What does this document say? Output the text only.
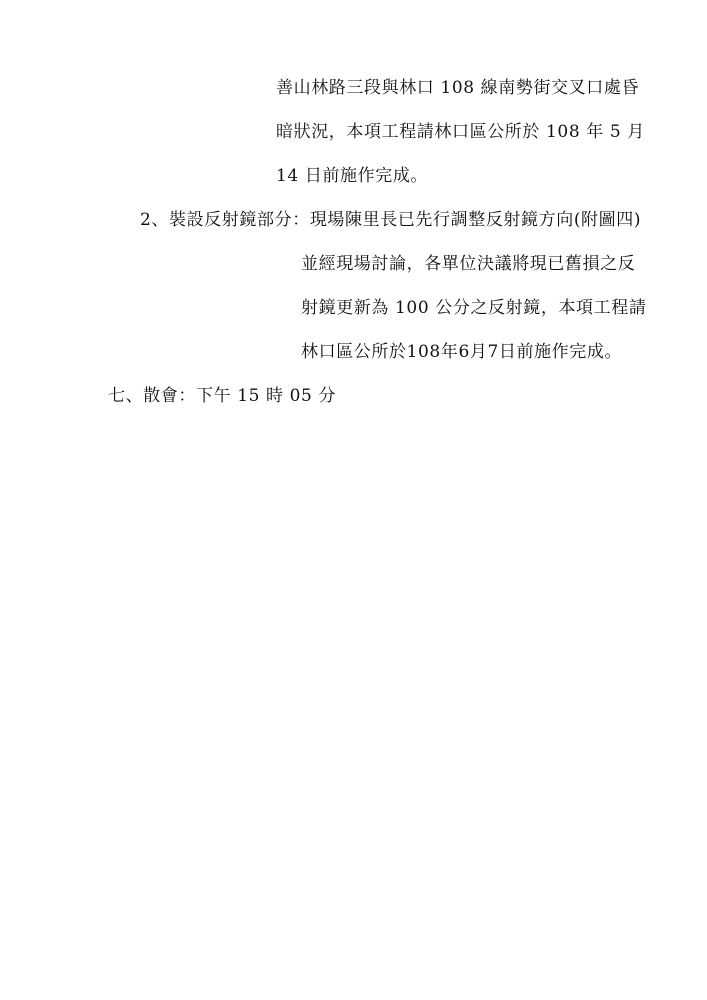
善山林路三段與林口 108 線南勢街交叉口處昏
暗狀況，本項工程請林口區公所於 108 年 5 月
14 日前施作完成。
2、裝設反射鏡部分：現場陳里長已先行調整反射鏡方向(附圖四)
並經現場討論，各單位決議將現已舊損之反
射鏡更新為 100 公分之反射鏡，本項工程請
林口區公所於108年6月7日前施作完成。
七、散會：下午 15 時 05 分
